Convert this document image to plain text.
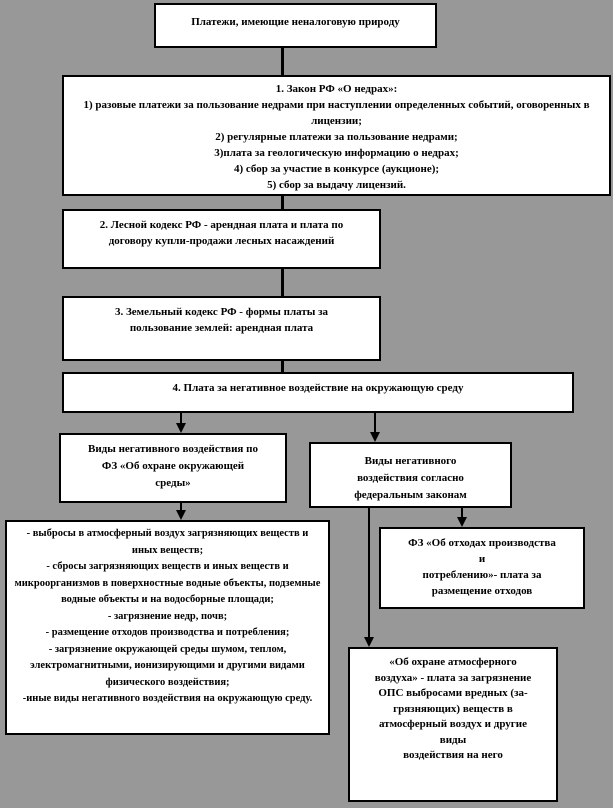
Платежи, имеющие неналоговую природу
1. Закон РФ «О недрах»:
1) разовые платежи за пользование недрами при наступлении определенных событий, оговоренных в лицензии;
2) регулярные платежи за пользование недрами;
3)плата за геологическую информацию о недрах;
4) сбор за участие в конкурсе (аукционе);
5) сбор за выдачу лицензий.
2. Лесной кодекс РФ - арендная плата и плата по договору купли-продажи лесных насаждений
3. Земельный кодекс РФ - формы платы за пользование землей: арендная плата
4. Плата за негативное воздействие на окружающую среду
Виды негативного воздействия по
ФЗ «Об охране окружающей
среды»
Виды негативного
воздействия согласно
федеральным законам
- выбросы в атмосферный воздух загрязняющих веществ и иных веществ;
- сбросы загрязняющих веществ и иных веществ и микроорганизмов в поверхностные водные объекты, подземные водные объекты и на водосборные площади;
- загрязнение недр, почв;
- размещение отходов производства и потребления;
- загрязнение окружающей среды шумом, теплом, электромагнитными, ионизирующими и другими видами физического воздействия;
-иные виды негативного воздействия на окружающую среду.
ФЗ «Об отходах производства
и
потреблению»- плата за
размещение отходов
«Об охране атмосферного
воздуха» - плата за загрязнение
ОПС выбросами вредных (за-
грязняющих) веществ в
атмосферный воздух и другие
виды
воздействия на него
